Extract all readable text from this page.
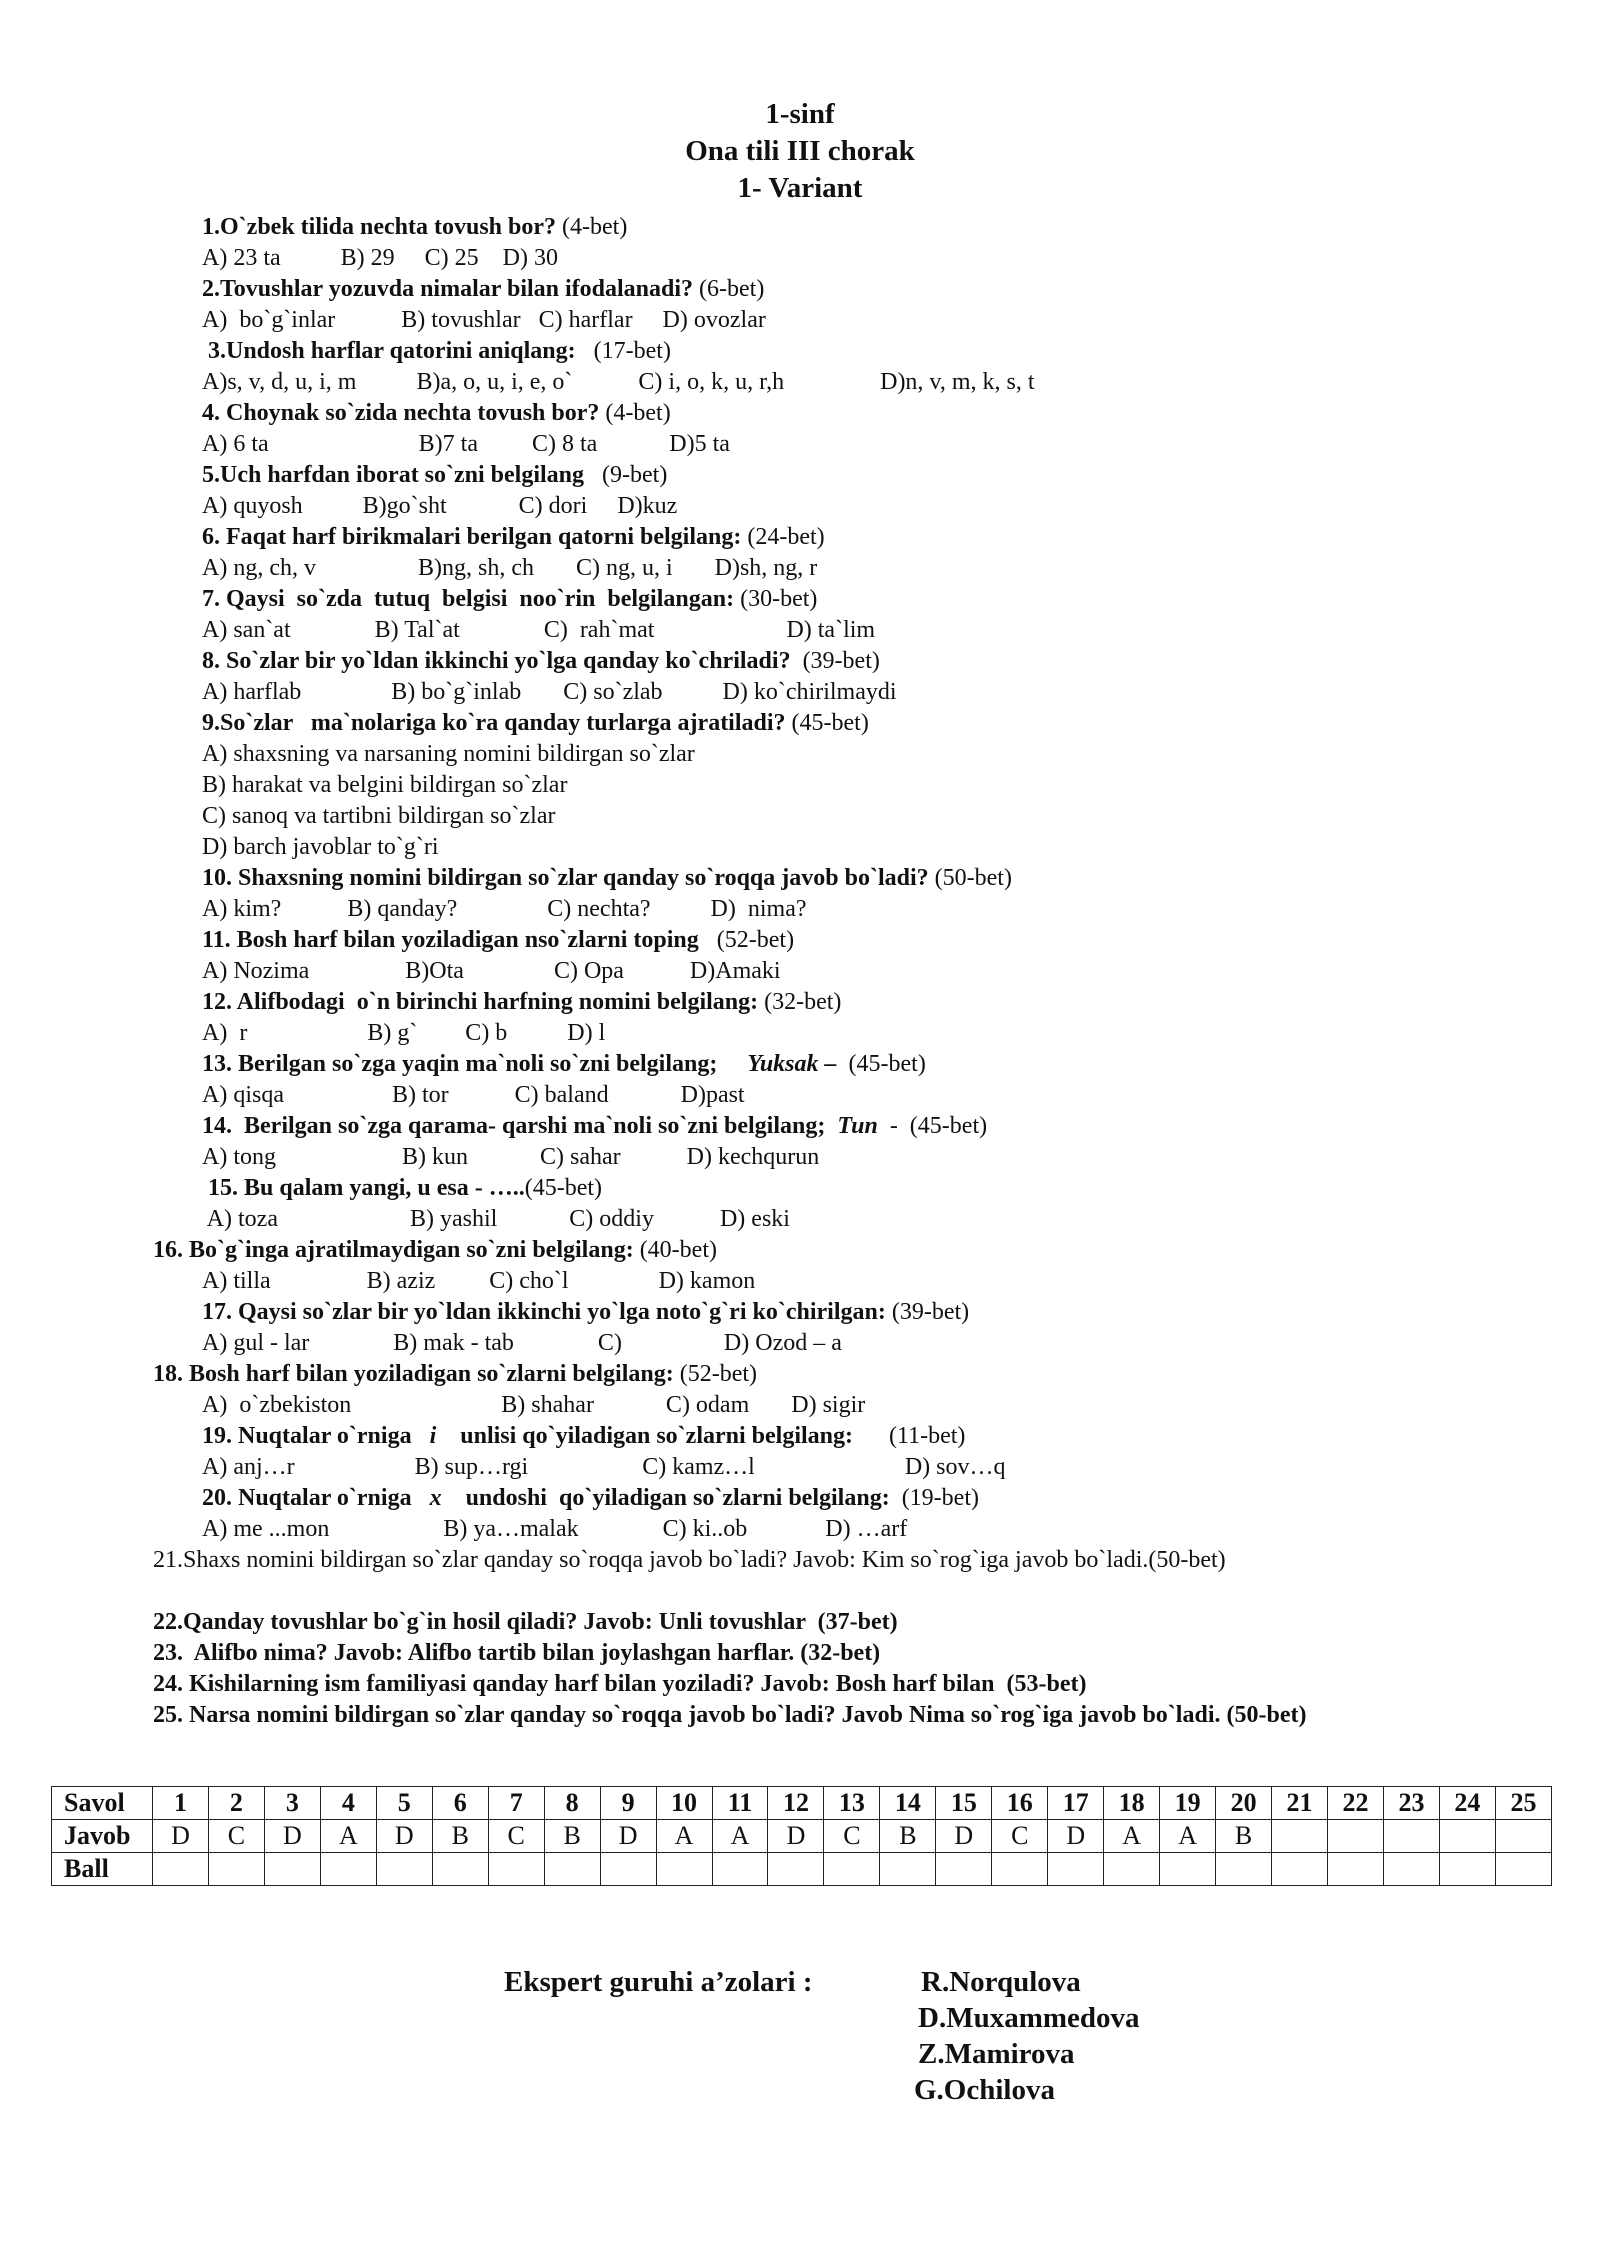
1-sinf
Ona tili III chorak
1- Variant
1.O`zbek tilida nechta tovush bor? (4-bet)
A) 23 ta          B) 29     C) 25    D) 30
2.Tovushlar yozuvda nimalar bilan ifodalanadi? (6-bet)
A)  bo`g`inlar           B) tovushlar   C) harflar     D) ovozlar
3.Undosh harflar qatorini aniqlang:   (17-bet)
A)s, v, d, u, i, m          B)a, o, u, i, e, o`           C) i, o, k, u, r,h                D)n, v, m, k, s, t
4. Choynak so`zida nechta tovush bor? (4-bet)
A) 6 ta                         B)7 ta         C) 8 ta            D)5 ta
5.Uch harfdan iborat so`zni belgilang   (9-bet)
A) quyosh          B)go`sht            C) dori     D)kuz
6. Faqat harf birikmalari berilgan qatorni belgilang: (24-bet)
A) ng, ch, v                 B)ng, sh, ch       C) ng, u, i       D)sh, ng, r
7. Qaysi  so`zda  tutuq  belgisi  noo`rin  belgilangan: (30-bet)
A) san`at              B) Tal`at              C)  rah`mat                      D) ta`lim
8. So`zlar bir yo`ldan ikkinchi yo`lga qanday ko`chriladi?  (39-bet)
A) harflab               B) bo`g`inlab       C) so`zlab          D) ko`chirilmaydi
9.So`zlar   ma`nolariga ko`ra qanday turlarga ajratiladi? (45-bet)
A) shaxsning va narsaning nomini bildirgan so`zlar
B) harakat va belgini bildirgan so`zlar
C) sanoq va tartibni bildirgan so`zlar
D) barch javoblar to`g`ri
10. Shaxsning nomini bildirgan so`zlar qanday so`roqqa javob bo`ladi? (50-bet)
A) kim?           B) qanday?               C) nechta?          D)  nima?
11. Bosh harf bilan yoziladigan nso`zlarni toping   (52-bet)
A) Nozima                B)Ota               C) Opa           D)Amaki
12. Alifbodagi  o`n birinchi harfning nomini belgilang: (32-bet)
A)  r                    B) g`        C) b          D) l
13. Berilgan so`zga yaqin ma`noli so`zni belgilang; Yuksak –  (45-bet)
A) qisqa                  B) tor           C) baland            D)past
14.  Berilgan so`zga qarama- qarshi ma`noli so`zni belgilang; Tun  -  (45-bet)
A) tong                     B) kun            C) sahar           D) kechqurun
15. Bu qalam yangi, u esa - …..(45-bet)
A) toza                      B) yashil            C) oddiy           D) eski
16. Bo`g`inga ajratilmaydigan so`zni belgilang: (40-bet)
A) tilla                B) aziz         C) cho`l               D) kamon
17. Qaysi so`zlar bir yo`ldan ikkinchi yo`lga noto`g`ri ko`chirilgan: (39-bet)
A) gul - lar              B) mak - tab              C)                 D) Ozod – a
18. Bosh harf bilan yoziladigan so`zlarni belgilang: (52-bet)
A)  o`zbekiston                         B) shahar            C) odam       D) sigir
19. Nuqtalar o`rniga i unlisi qo`yiladigan so`zlarni belgilang:      (11-bet)
A) anj…r                    B) sup…rgi                   C) kamz…l                         D) sov…q
20. Nuqtalar o`rniga x undoshi  qo`yiladigan so`zlarni belgilang:  (19-bet)
A) me ...mon                   B) ya…malak              C) ki..ob             D) …arf
21.Shaxs nomini bildirgan so`zlar qanday so`roqqa javob bo`ladi? Javob: Kim so`rog`iga javob bo`ladi.(50-bet)
22.Qanday tovushlar bo`g`in hosil qiladi? Javob: Unli tovushlar  (37-bet)
23.  Alifbo nima? Javob: Alifbo tartib bilan joylashgan harflar. (32-bet)
24. Kishilarning ism familiyasi qanday harf bilan yoziladi? Javob: Bosh harf bilan  (53-bet)
25. Narsa nomini bildirgan so`zlar qanday so`roqqa javob bo`ladi? Javob Nima so`rog`iga javob bo`ladi. (50-bet)
Savol	1	2	3	4	5	6	7	8	9	10	11	12	13	14	15	16	17	18	19	20	21	22	23	24	25
Javob	D	C	D	A	D	B	C	B	D	A	A	D	C	B	D	C	D	A	A	B					
Ball																									
Ekspert guruhi a’zolari :	R.Norqulova
D.Muxammedova
Z.Mamirova
G.Ochilova
